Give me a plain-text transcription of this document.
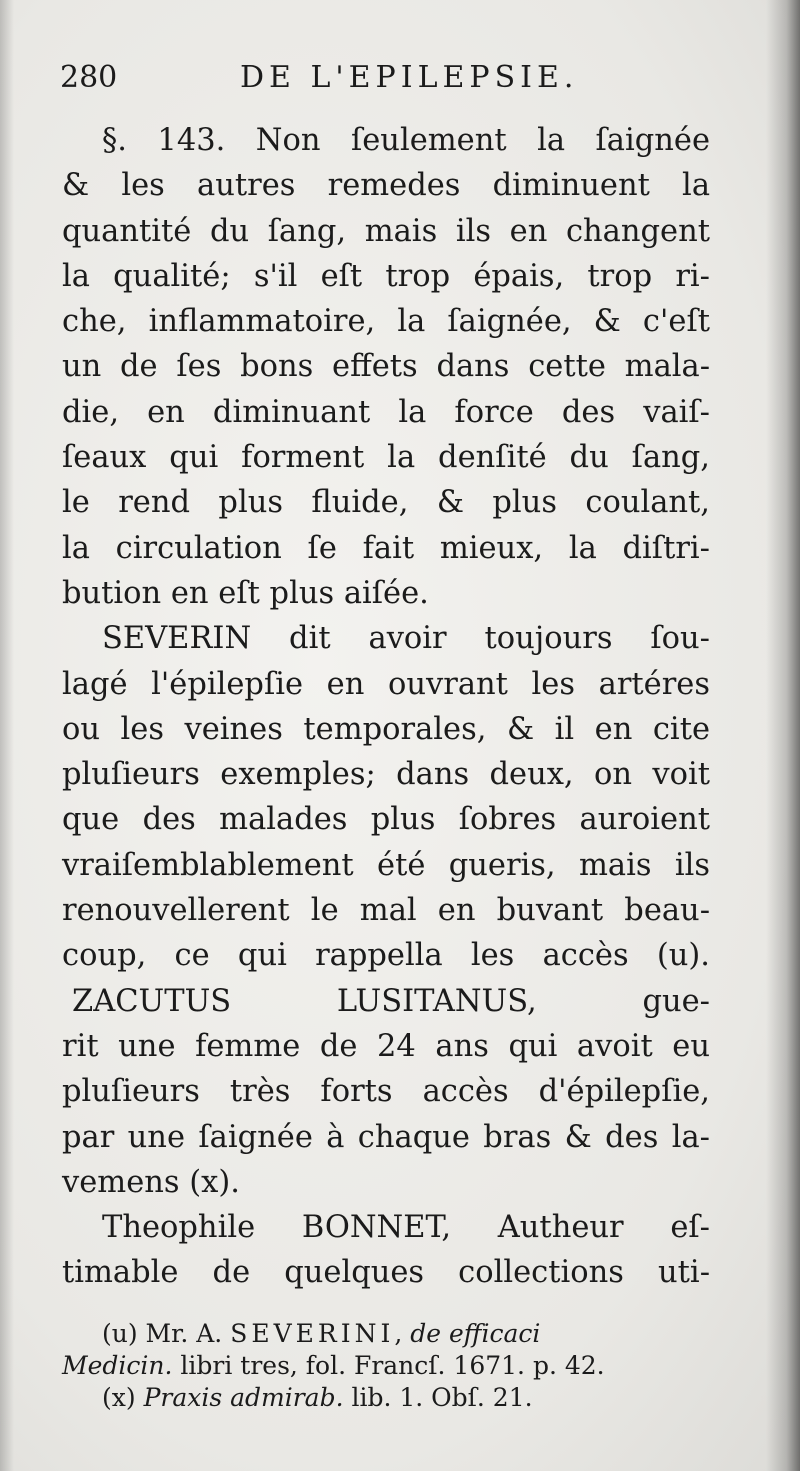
280	DE L'EPILEPSIE.
§. 143. Non ſeulement la ſaignée
& les autres remedes diminuent la
quantité du ſang, mais ils en changent
la qualité; s'il eſt trop épais, trop ri-
che, inflammatoire, la ſaignée, & c'eſt
un de ſes bons effets dans cette mala-
die, en diminuant la force des vaiſ-
ſeaux qui forment la denſité du ſang,
le rend plus fluide, & plus coulant,
la circulation ſe fait mieux, la diſtri-
bution en eſt plus aiſée.
SEVERIN dit avoir toujours ſou-
lagé l'épilepſie en ouvrant les artéres
ou les veines temporales, & il en cite
pluſieurs exemples; dans deux, on voit
que des malades plus ſobres auroient
vraiſemblablement été gueris, mais ils
renouvellerent le mal en buvant beau-
coup, ce qui rappella les accès (u).
ZACUTUS LUSITANUS, gue-
rit une femme de 24 ans qui avoit eu
pluſieurs très forts accès d'épilepſie,
par une ſaignée à chaque bras & des la-
vemens (x).
Theophile BONNET, Autheur eſ-
timable de quelques collections uti-
(u) Mr. A. SEVERINI, de efficaci
Medicin. libri tres, fol. Francſ. 1671. p. 42.
(x) Praxis admirab. lib. 1. Obſ. 21.
